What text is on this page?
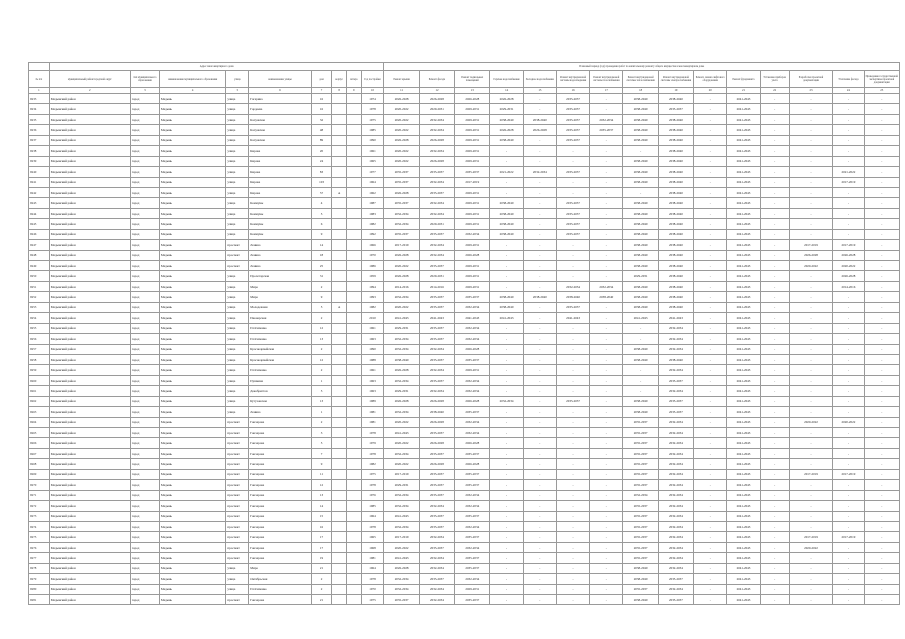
	Адрес многоквартирного дома									Плановый период (год) проведения работ по капитальному ремонту общего имущества в многоквартирном доме														
№ п/п	муниципальный район/городской округ	тип муниципального образования	наименование муниципального образования	улица	наименование улицы	дом	корпус	литера	Год постройки	Ремонт крыши	Ремонт фасада	Ремонт подвальных помещений	Горячее водоснабжение	Холодное водоснабжение	Ремонт внутридомовой системы водоотведения	Ремонт внутридомовой системы газоснабжения	Ремонт внутридомовой системы теплоснабжения	Ремонт внутридомовой системы электроснабжения	Ремонт, замена лифтового оборудования	Ремонт фундамента	Установка приборов учета	Разработка проектной документации	Утепление фасада	Проведение государственной экспертизы проектной документации
1	2	3	4	5	6	7	8	9	10	11	12	13	14	15	16	17	18	19	20	21	22	23	24	25
6933	Медынский район	город	Медынь	улица	Гагарина	16			1974	2026-2028	2026-2028	2026-2028	2026-2028	-	2035-2037	-	2038-2040	2038-2040	-	2041-2043	-	-	-	-
6934	Медынский район	город	Медынь	улица	Гордеева	16			1978	2020-2022	2029-2031	2029-2031	2029-2031	-	2035-2037	-	2038-2040	2035-2037	-	2041-2043	-	-	-	-
6935	Медынский район	город	Медынь	улица	Калужская	32			1975	2020-2022	2032-2034	2029-2031	2038-2040	2038-2040	2035-2037	2032-2034	2038-2040	2038-2040	-	2041-2043	-	-	-	-
6936	Медынский район	город	Медынь	улица	Калужская	48			1985	2020-2022	2032-2034	2029-2031	2026-2028	2026-2028	2035-2037	2035-2037	2038-2040	2038-2040	-	2041-2043	-	-	-	-
6937	Медынский район	город	Медынь	улица	Калужская	89			1990	2026-2028	2026-2028	2029-2031	2038-2040	-	2035-2037	-	2038-2040	2038-2040	-	2041-2043	-	-	-	-
6938	Медынский район	город	Медынь	улица	Кирова	20			1961	2020-2022	2032-2034	2029-2031	-	-	-	-	-	2038-2040	-	2041-2043	-	-	-	-
6939	Медынский район	город	Медынь	улица	Кирова	24			1965	2020-2022	2026-2028	2029-2031	-	-	-	-	2038-2040	2038-2040	-	2041-2043	-	-	-	-
6940	Медынский район	город	Медынь	улица	Кирова	83			1977	2035-2037	2035-2037	2035-2037	2021-2022	2032-2034	2035-2037	-	2038-2040	2038-2040	-	2041-2043	-	-	2021-2022	-
6941	Медынский район	город	Медынь	улица	Кирова	103			1964	2035-2037	2032-2034	2017-2019	-	-	-	-	2038-2040	2038-2040	-	2041-2043	-	-	2017-2019	-
6942	Медынский район	город	Медынь	улица	Кирова	57	А		1962	2026-2028	2035-2037	2029-2031	-	-	-	-	-	2038-2040	-	2041-2043	-	-	-	-
6943	Медынский район	город	Медынь	улица	Коммуны	4			1987	2035-2037	2032-2034	2029-2031	2038-2040	-	2035-2037	-	2038-2040	2038-2040	-	2041-2043	-	-	-	-
6944	Медынский район	город	Медынь	улица	Коммуны	5			1983	2032-2034	2032-2034	2029-2031	2038-2040	-	2035-2037	-	2038-2040	2038-2040	-	2041-2043	-	-	-	-
6945	Медынский район	город	Медынь	улица	Коммуны	6			1982	2032-2034	2029-2031	2029-2031	2038-2040	-	2035-2037	-	2038-2040	2038-2040	-	2041-2043	-	-	-	-
6946	Медынский район	город	Медынь	улица	Коммуны	9			1992	2035-2037	2035-2037	2032-2034	2038-2040	-	2035-2037	-	2038-2040	2038-2040	-	2041-2043	-	-	-	-
6947	Медынский район	город	Медынь	проспект	Ленина	14			1966	2017-2019	2032-2034	2029-2031	-	-	-	-	2038-2040	2038-2040	-	2041-2043	-	2017-2019	2017-2019	-
6948	Медынский район	город	Медынь	проспект	Ленина	18			1970	2026-2028	2032-2034	2026-2028	-	-	-	-	2038-2040	2038-2040	-	2041-2043	-	2026-2028	2026-2028	-
6949	Медынский район	город	Медынь	проспект	Ленина	25			1986	2020-2022	2035-2037	2029-2031	-	-	-	-	2038-2040	2038-2040	-	2041-2043	-	2020-2022	2020-2022	-
6950	Медынский район	город	Медынь	улица	Пролетарская	31			1959	2026-2028	2029-2031	2029-2031	-	-	-	-	2029-2031	2038-2040	-	2041-2043	-	-	2026-2028	-
6951	Медынский район	город	Медынь	улица	Мира	2			1994	2014-2016	2014-2016	2029-2031	-	-	2032-2034	2032-2034	2038-2040	2038-2040	-	2041-2043	-	-	2014-2016	-
6952	Медынский район	город	Медынь	улица	Мира	9			1993	2032-2034	2035-2037	2035-2037	2038-2040	2038-2040	2038-2040	2038-2040	2038-2040	2038-2040	-	2041-2043	-	-	-	-
6953	Медынский район	город	Медынь	улица	Молодежная	5	А		1982	2020-2022	2035-2037	2032-2034	2038-2040	-	2035-2037	-	2038-2040	2038-2040	-	2041-2043	-	-	-	-
6954	Медынский район	город	Медынь	улица	Пионерская	2			2010	2041-2043	2041-2043	2041-2043	2041-2043	-	2041-2043	-	2041-2043	2041-2043	-	2041-2043	-	-	-	-
6955	Медынский район	город	Медынь	улица	П.Осипенко	12			1961	2029-2031	2035-2037	2032-2034	-	-	-	-	-	2032-2034	-	2041-2043	-	-	-	-
6956	Медынский район	город	Медынь	улица	П.Осипенко	13			1963	2032-2034	2035-2037	2032-2034	-	-	-	-	-	2032-2034	-	2041-2043	-	-	-	-
6957	Медынский район	город	Медынь	улица	Красноармейская	2			1990	2032-2034	2032-2034	2026-2028	-	-	-	-	2038-2040	2032-2034	-	2041-2043	-	-	-	-
6958	Медынский район	город	Медынь	улица	Красноармейская	12			1988	2038-2040	2035-2037	2035-2037	-	-	-	-	2038-2040	2038-2040	-	2041-2043	-	-	-	-
6959	Медынский район	город	Медынь	улица	П.Осипенко	2			1961	2026-2028	2032-2034	2029-2031	-	-	-	-	-	2032-2034	-	2041-2043	-	-	-	-
6960	Медынский район	город	Медынь	улица	Пушкина	1			1963	2032-2034	2035-2037	2032-2034	-	-	-	-	-	2035-2037	-	2041-2043	-	-	-	-
6961	Медынский район	город	Медынь	улица	Декабристов	5			1963	2029-2031	2032-2034	2032-2034	-	-	-	-	-	2032-2034	-	2041-2043	-	-	-	-
6962	Медынский район	город	Медынь	улица	Кутузовская	13			1989	2026-2028	2026-2028	2026-2028	2032-2034	-	2035-2037	-	2038-2040	2035-2037	-	2041-2043	-	-	-	-
6963	Медынский район	город	Медынь	улица	Ленина	1			1981	2032-2034	2038-2040	2035-2037	-	-	-	-	2038-2040	2035-2037	-	2041-2043	-	-	-	-
6964	Медынский район	город	Медынь	проспект	Гончарова	2			1981	2020-2022	2026-2028	2032-2034	-	-	-	-	2035-2037	2032-2034	-	2041-2043	-	2020-2022	2020-2022	-
6965	Медынский район	город	Медынь	проспект	Гончарова	3			1978	2041-2043	2035-2037	2032-2034	-	-	-	-	2035-2037	2032-2034	-	2041-2043	-	-	-	-
6966	Медынский район	город	Медынь	проспект	Гончарова	5			1979	2020-2022	2026-2028	2026-2028	-	-	-	-	2035-2037	2032-2034	-	2041-2043	-	-	-	-
6967	Медынский район	город	Медынь	проспект	Гончарова	7			1978	2032-2034	2035-2037	2035-2037	-	-	-	-	2035-2037	2032-2034	-	2041-2043	-	-	-	-
6968	Медынский район	город	Медынь	проспект	Гончарова	9			1982	2020-2022	2026-2028	2026-2028	-	-	-	-	2035-2037	2032-2034	-	2041-2043	-	-	-	-
6969	Медынский район	город	Медынь	проспект	Гончарова	11			1975	2017-2019	2035-2037	2035-2037	-	-	-	-	2035-2037	2032-2034	-	2041-2043	-	2017-2019	2017-2019	-
6970	Медынский район	город	Медынь	проспект	Гончарова	12			1978	2029-2031	2035-2037	2035-2037	-	-	-	-	2035-2037	2032-2034	-	2041-2043	-	-	-	-
6971	Медынский район	город	Медынь	проспект	Гончарова	13			1976	2032-2034	2035-2037	2032-2034	-	-	-	-	2032-2034	2032-2034	-	2041-2043	-	-	-	-
6972	Медынский район	город	Медынь	проспект	Гончарова	14			1985	2032-2034	2032-2034	2032-2034	-	-	-	-	2035-2037	2032-2034	-	2041-2043	-	-	-	-
6973	Медынский район	город	Медынь	проспект	Гончарова	15			1964	2041-2043	2035-2037	2035-2037	-	-	-	-	2035-2037	2032-2034	-	2041-2043	-	-	-	-
6974	Медынский район	город	Медынь	проспект	Гончарова	16			1978	2032-2034	2035-2037	2032-2034	-	-	-	-	2035-2037	2032-2034	-	2041-2043	-	-	-	-
6975	Медынский район	город	Медынь	проспект	Гончарова	17			1965	2017-2019	2032-2034	2035-2037	-	-	-	-	2035-2037	2032-2034	-	2041-2043	-	2017-2019	2017-2019	-
6976	Медынский район	город	Медынь	проспект	Гончарова	17			1968	2020-2022	2035-2037	2032-2034	-	-	-	-	2035-2037	2032-2034	-	2041-2043	-	2020-2022	-	-
6977	Медынский район	город	Медынь	проспект	Гончарова	19			1981	2041-2043	2032-2034	2035-2037	-	-	-	-	2035-2037	2032-2034	-	2041-2043	-	-	-	-
6978	Медынский район	город	Медынь	улица	Мира	21			1964	2026-2028	2032-2034	2035-2037	-	-	-	-	2038-2040	2032-2034	-	2041-2043	-	-	-	-
6979	Медынский район	город	Медынь	улица	Октябрьская	2			1978	2032-2034	2035-2037	2032-2034	-	-	-	-	2038-2040	2035-2037	-	2041-2043	-	-	-	-
6980	Медынский район	город	Медынь	улица	П.Осипенко	2			1970	2032-2034	2032-2034	2029-2031	-	-	-	-	2035-2037	2032-2034	-	2041-2043	-	-	-	-
6981	Медынский район	город	Медынь	проспект	Гончарова	21			1975	2035-2037	2032-2034	2035-2037	-	-	-	-	2038-2040	2035-2037	-	2041-2043	-	-	-	-
